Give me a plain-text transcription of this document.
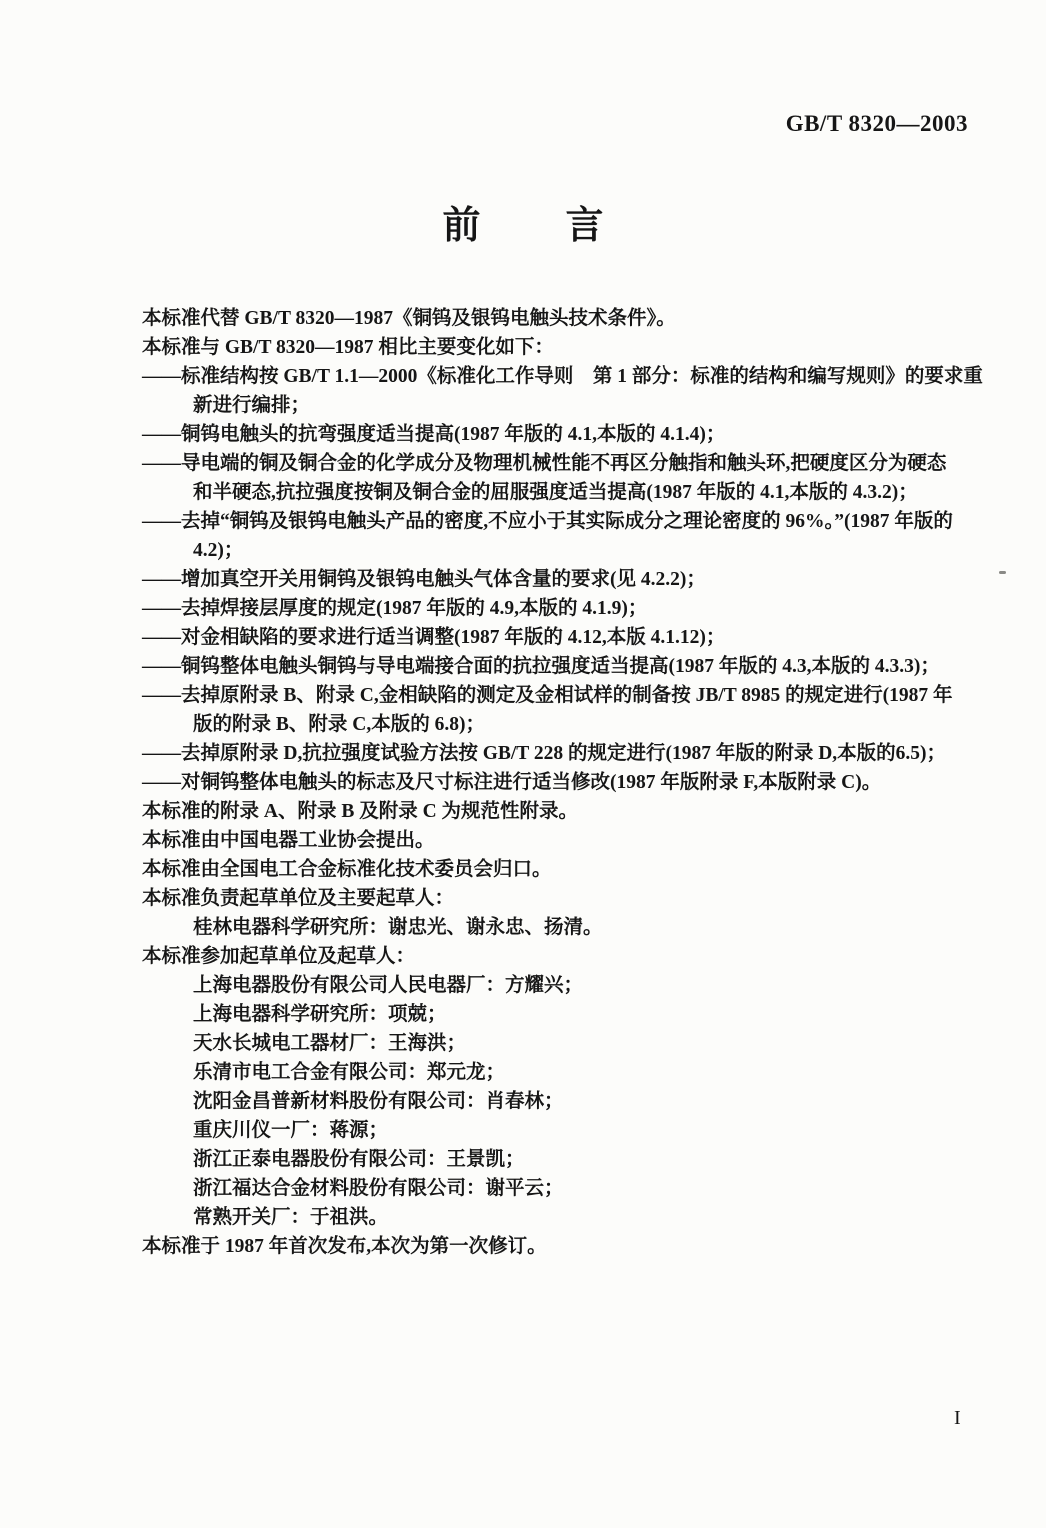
GB/T 8320—2003
前 言
本标准代替 GB/T 8320—1987《铜钨及银钨电触头技术条件》。
本标准与 GB/T 8320—1987 相比主要变化如下：
——标准结构按 GB/T 1.1—2000《标准化工作导则　第 1 部分：标准的结构和编写规则》的要求重
新进行编排；
——铜钨电触头的抗弯强度适当提高(1987 年版的 4.1,本版的 4.1.4)；
——导电端的铜及铜合金的化学成分及物理机械性能不再区分触指和触头环,把硬度区分为硬态
和半硬态,抗拉强度按铜及铜合金的屈服强度适当提高(1987 年版的 4.1,本版的 4.3.2)；
——去掉“铜钨及银钨电触头产品的密度,不应小于其实际成分之理论密度的 96%。”(1987 年版的
4.2)；
——增加真空开关用铜钨及银钨电触头气体含量的要求(见 4.2.2)；
——去掉焊接层厚度的规定(1987 年版的 4.9,本版的 4.1.9)；
——对金相缺陷的要求进行适当调整(1987 年版的 4.12,本版 4.1.12)；
——铜钨整体电触头铜钨与导电端接合面的抗拉强度适当提高(1987 年版的 4.3,本版的 4.3.3)；
——去掉原附录 B、附录 C,金相缺陷的测定及金相试样的制备按 JB/T 8985 的规定进行(1987 年
版的附录 B、附录 C,本版的 6.8)；
——去掉原附录 D,抗拉强度试验方法按 GB/T 228 的规定进行(1987 年版的附录 D,本版的6.5)；
——对铜钨整体电触头的标志及尺寸标注进行适当修改(1987 年版附录 F,本版附录 C)。
本标准的附录 A、附录 B 及附录 C 为规范性附录。
本标准由中国电器工业协会提出。
本标准由全国电工合金标准化技术委员会归口。
本标准负责起草单位及主要起草人：
桂林电器科学研究所：谢忠光、谢永忠、扬清。
本标准参加起草单位及起草人：
上海电器股份有限公司人民电器厂：方耀兴；
上海电器科学研究所：项兢；
天水长城电工器材厂：王海洪；
乐清市电工合金有限公司：郑元龙；
沈阳金昌普新材料股份有限公司：肖春林；
重庆川仪一厂：蒋源；
浙江正泰电器股份有限公司：王景凯；
浙江福达合金材料股份有限公司：谢平云；
常熟开关厂：于祖洪。
本标准于 1987 年首次发布,本次为第一次修订。
I
